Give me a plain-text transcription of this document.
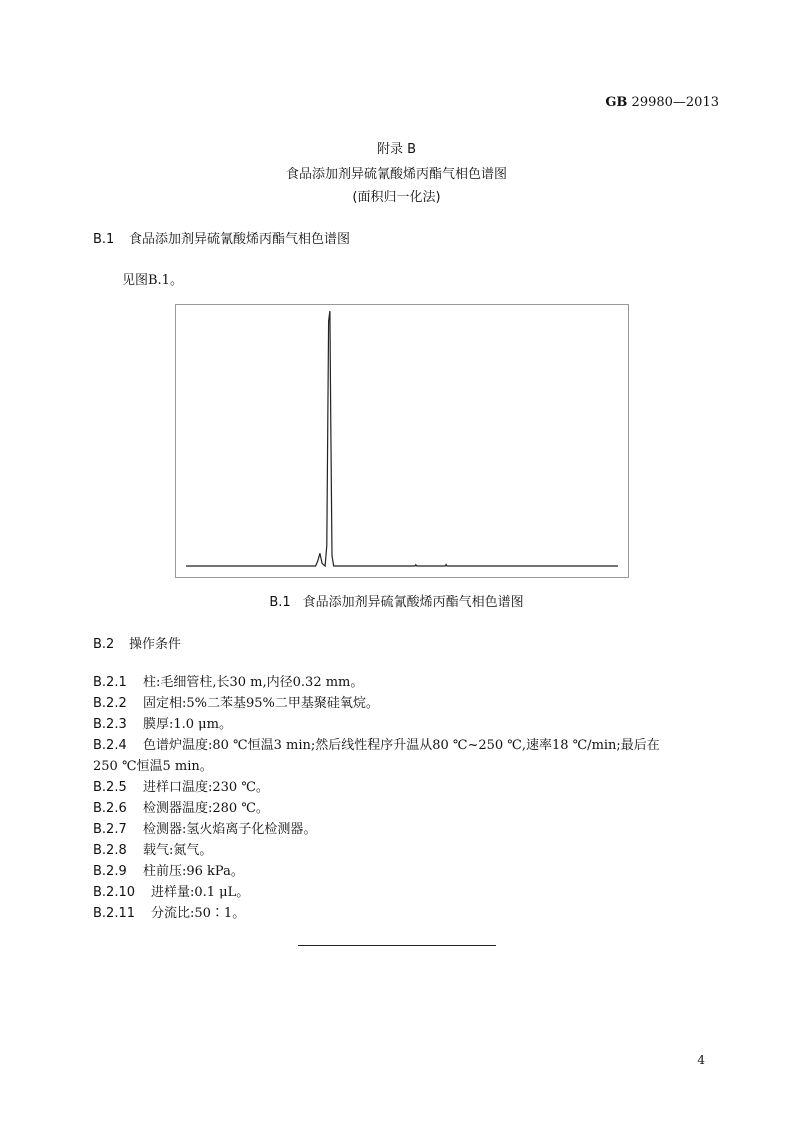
GB 29980—2013
附录 B
食品添加剂异硫氰酸烯丙酯气相色谱图
(面积归一化法)
B.1 食品添加剂异硫氰酸烯丙酯气相色谱图
见图B.1。
B.1 食品添加剂异硫氰酸烯丙酯气相色谱图
B.2 操作条件
B.2.1 柱:毛细管柱,长30 m,内径0.32 mm。
B.2.2 固定相:5%二苯基95%二甲基聚硅氧烷。
B.2.3 膜厚:1.0 μm。
B.2.4 色谱炉温度:80 ℃恒温3 min;然后线性程序升温从80 ℃~250 ℃,速率18 ℃/min;最后在
250 ℃恒温5 min。
B.2.5 进样口温度:230 ℃。
B.2.6 检测器温度:280 ℃。
B.2.7 检测器:氢火焰离子化检测器。
B.2.8 载气:氮气。
B.2.9 柱前压:96 kPa。
B.2.10 进样量:0.1 μL。
B.2.11 分流比:50∶1。
4
